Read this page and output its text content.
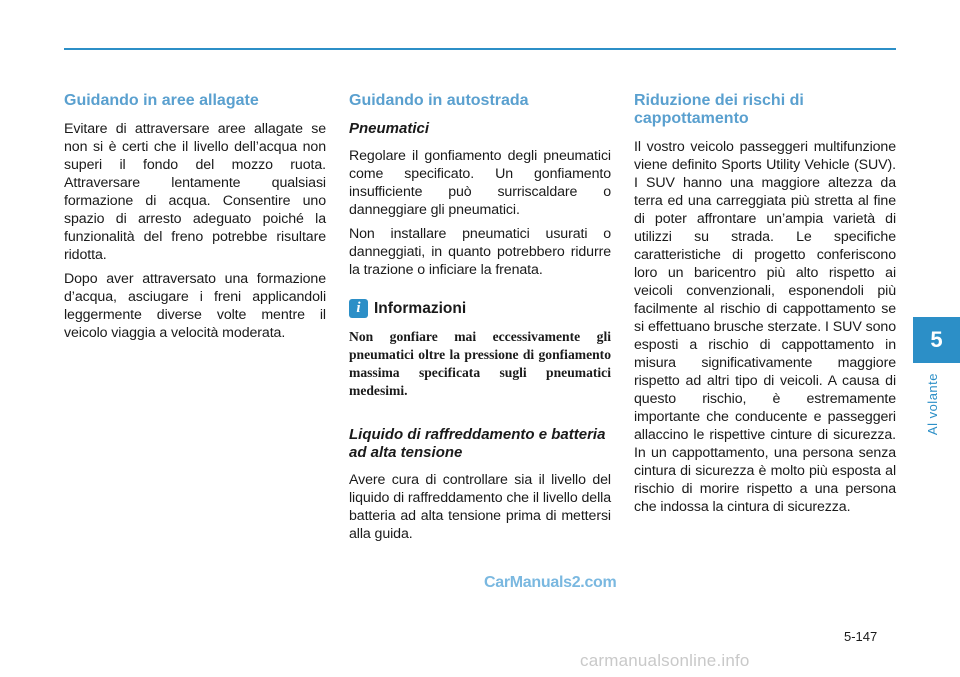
Guidando in aree allagate

Evitare di attraversare aree allagate se non si è certi che il livello dell’acqua non superi il fondo del mozzo ruota. Attraversare lentamente qualsiasi formazione di acqua. Consentire uno spazio di arresto adeguato poiché la funzionalità del freno potrebbe risultare ridotta.

Dopo aver attraversato una formazione d’acqua, asciugare i freni applicandoli leggermente diverse volte mentre il veicolo viaggia a velocità moderata.

Guidando in autostrada
Pneumatici

Regolare il gonfiamento degli pneumatici come specificato. Un gonfiamento insufficiente può surriscaldare o danneggiare gli pneumatici.

Non installare pneumatici usurati o danneggiati, in quanto potrebbero ridurre la trazione o inficiare la frenata.

i Informazioni
Non gonfiare mai eccessivamente gli pneumatici oltre la pressione di gonfiamento massima specificata sugli pneumatici medesimi.
Liquido di raffreddamento e batteria ad alta tensione

Avere cura di controllare sia il livello del liquido di raffreddamento che il livello della batteria ad alta tensione prima di mettersi alla guida.

Riduzione dei rischi di cappottamento

Il vostro veicolo passeggeri multifunzione viene definito Sports Utility Vehicle (SUV). I SUV hanno una maggiore altezza da terra ed una carreggiata più stretta al fine di poter affrontare un’ampia varietà di utilizzi su strada. Le specifiche caratteristiche di progetto conferiscono loro un baricentro più alto rispetto ai veicoli convenzionali, esponendoli più facilmente al rischio di cappottamento se si effettuano brusche sterzate. I SUV sono esposti a rischio di cappottamento in misura significativamente maggiore rispetto ad altri tipo di veicoli. A causa di questo rischio, è estremamente importante che conducente e passeggeri allaccino le rispettive cinture di sicurezza. In un cappottamento, una persona senza cintura di sicurezza è molto più esposta al rischio di morire rispetto a una persona che indossa la cintura di sicurezza.

5
Al volante
CarManuals2.com
5-147
carmanualsonline.info
